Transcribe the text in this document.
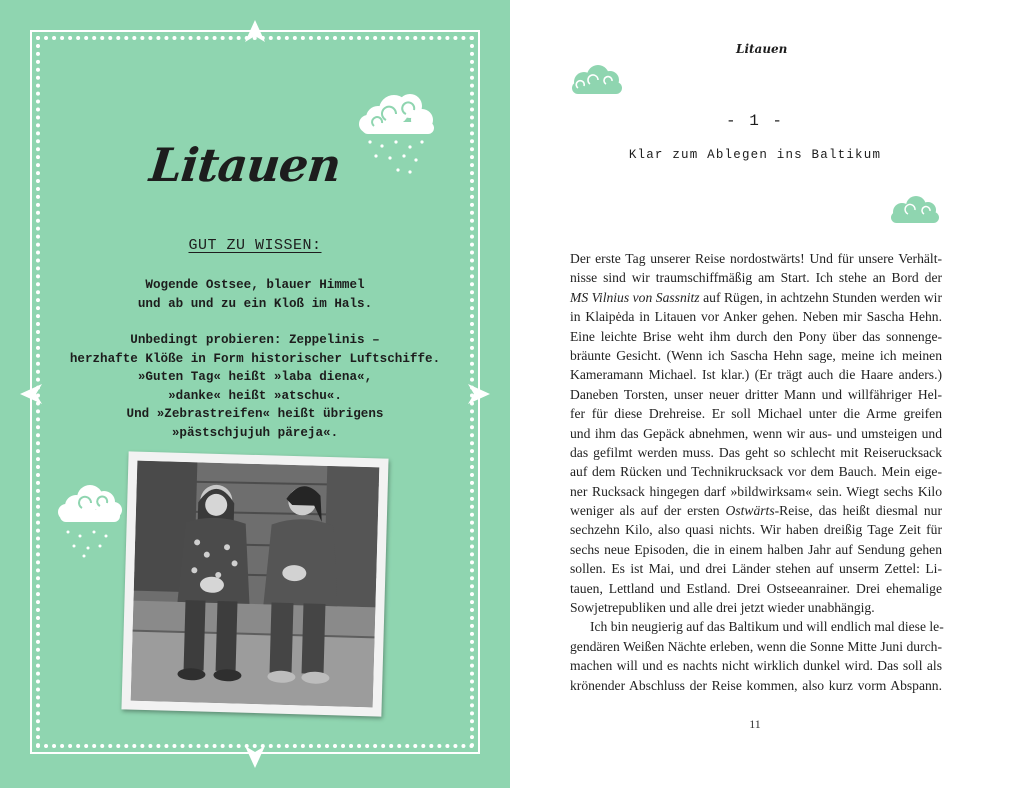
Litauen
GUT ZU WISSEN:
Wogende Ostsee, blauer Himmel
und ab und zu ein Kloß im Hals.
Unbedingt probieren: Zeppelinis –
herzhafte Klöße in Form historischer Luftschiffe.
»Guten Tag« heißt »laba diena«,
»danke« heißt »atschu«.
Und »Zebrastreifen« heißt übrigens
»pästschjujuh päreja«.
Litauen
- 1 -
Klar zum Ablegen ins Baltikum
Der erste Tag unserer Reise nordostwärts! Und für unsere Verhält-
nisse sind wir traumschiffmäßig am Start. Ich stehe an Bord der
MS Vilnius von Sassnitz auf Rügen, in achtzehn Stunden werden wir
in Klaipėda in Litauen vor Anker gehen. Neben mir Sascha Hehn.
Eine leichte Brise weht ihm durch den Pony über das sonnenge-
bräunte Gesicht. (Wenn ich Sascha Hehn sage, meine ich meinen
Kameramann Michael. Ist klar.) (Er trägt auch die Haare anders.)
Daneben Torsten, unser neuer dritter Mann und willfähriger Hel-
fer für diese Drehreise. Er soll Michael unter die Arme greifen
und ihm das Gepäck abnehmen, wenn wir aus- und umsteigen und
das gefilmt werden muss. Das geht so schlecht mit Reiserucksack
auf dem Rücken und Technikrucksack vor dem Bauch. Mein eige-
ner Rucksack hingegen darf »bildwirksam« sein. Wiegt sechs Kilo
weniger als auf der ersten Ostwärts-Reise, das heißt diesmal nur
sechzehn Kilo, also quasi nichts. Wir haben dreißig Tage Zeit für
sechs neue Episoden, die in einem halben Jahr auf Sendung gehen
sollen. Es ist Mai, und drei Länder stehen auf unserm Zettel: Li-
tauen, Lettland und Estland. Drei Ostseeanrainer. Drei ehemalige
Sowjetrepubliken und alle drei jetzt wieder unabhängig.
Ich bin neugierig auf das Baltikum und will endlich mal diese le-
gendären Weißen Nächte erleben, wenn die Sonne Mitte Juni durch-
machen will und es nachts nicht wirklich dunkel wird. Das soll als
krönender Abschluss der Reise kommen, also kurz vorm Abspann.
11
